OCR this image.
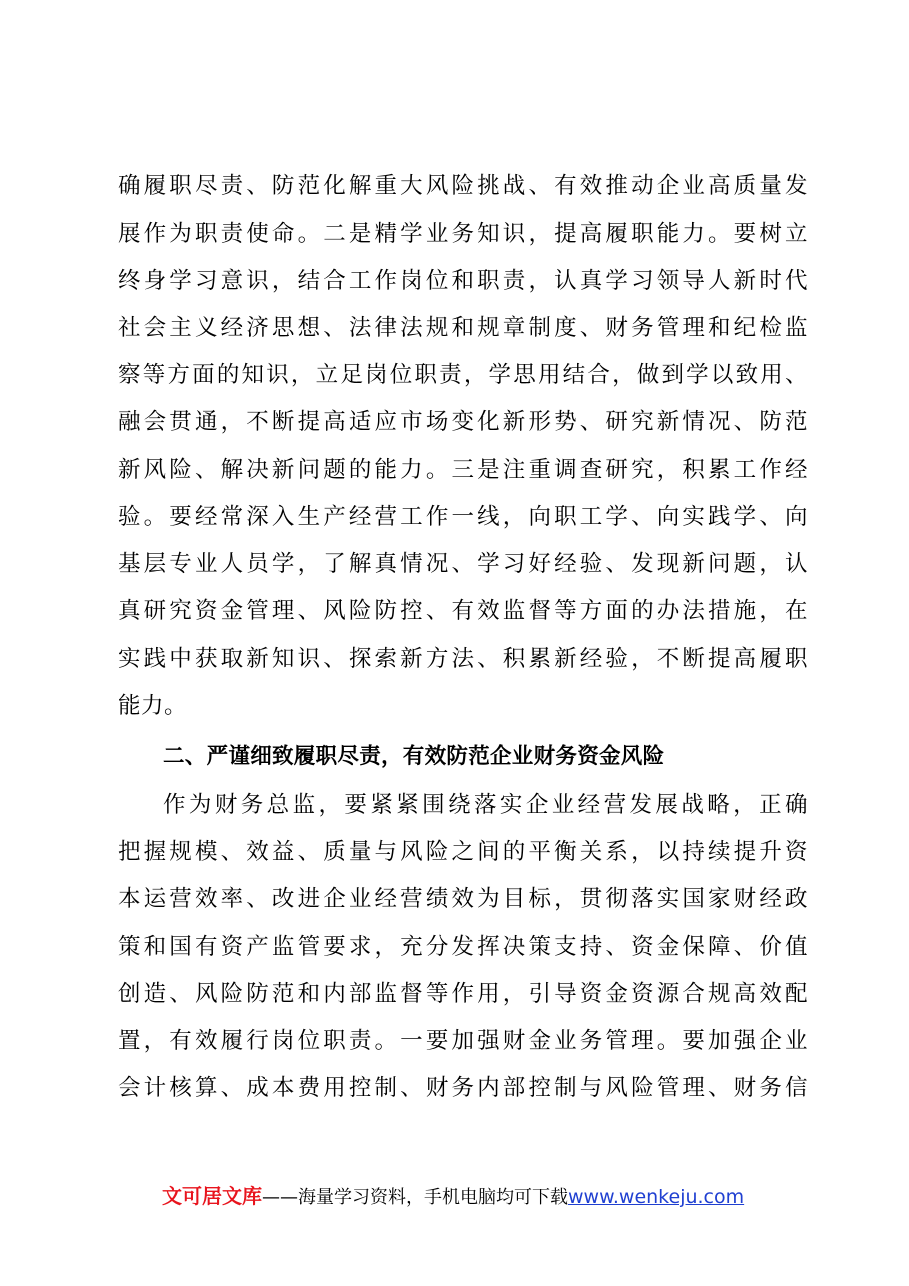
确履职尽责、防范化解重大风险挑战、有效推动企业高质量发
展作为职责使命。二是精学业务知识，提高履职能力。要树立
终身学习意识，结合工作岗位和职责，认真学习领导人新时代
社会主义经济思想、法律法规和规章制度、财务管理和纪检监
察等方面的知识，立足岗位职责，学思用结合，做到学以致用、
融会贯通，不断提高适应市场变化新形势、研究新情况、防范
新风险、解决新问题的能力。三是注重调查研究，积累工作经
验。要经常深入生产经营工作一线，向职工学、向实践学、向
基层专业人员学，了解真情况、学习好经验、发现新问题，认
真研究资金管理、风险防控、有效监督等方面的办法措施，在
实践中获取新知识、探索新方法、积累新经验，不断提高履职
能力。
二、严谨细致履职尽责，有效防范企业财务资金风险
作为财务总监，要紧紧围绕落实企业经营发展战略，正确
把握规模、效益、质量与风险之间的平衡关系，以持续提升资
本运营效率、改进企业经营绩效为目标，贯彻落实国家财经政
策和国有资产监管要求，充分发挥决策支持、资金保障、价值
创造、风险防范和内部监督等作用，引导资金资源合规高效配
置，有效履行岗位职责。一要加强财金业务管理。要加强企业
会计核算、成本费用控制、财务内部控制与风险管理、财务信
文可居文库——海量学习资料，手机电脑均可下载www.wenkeju.com
